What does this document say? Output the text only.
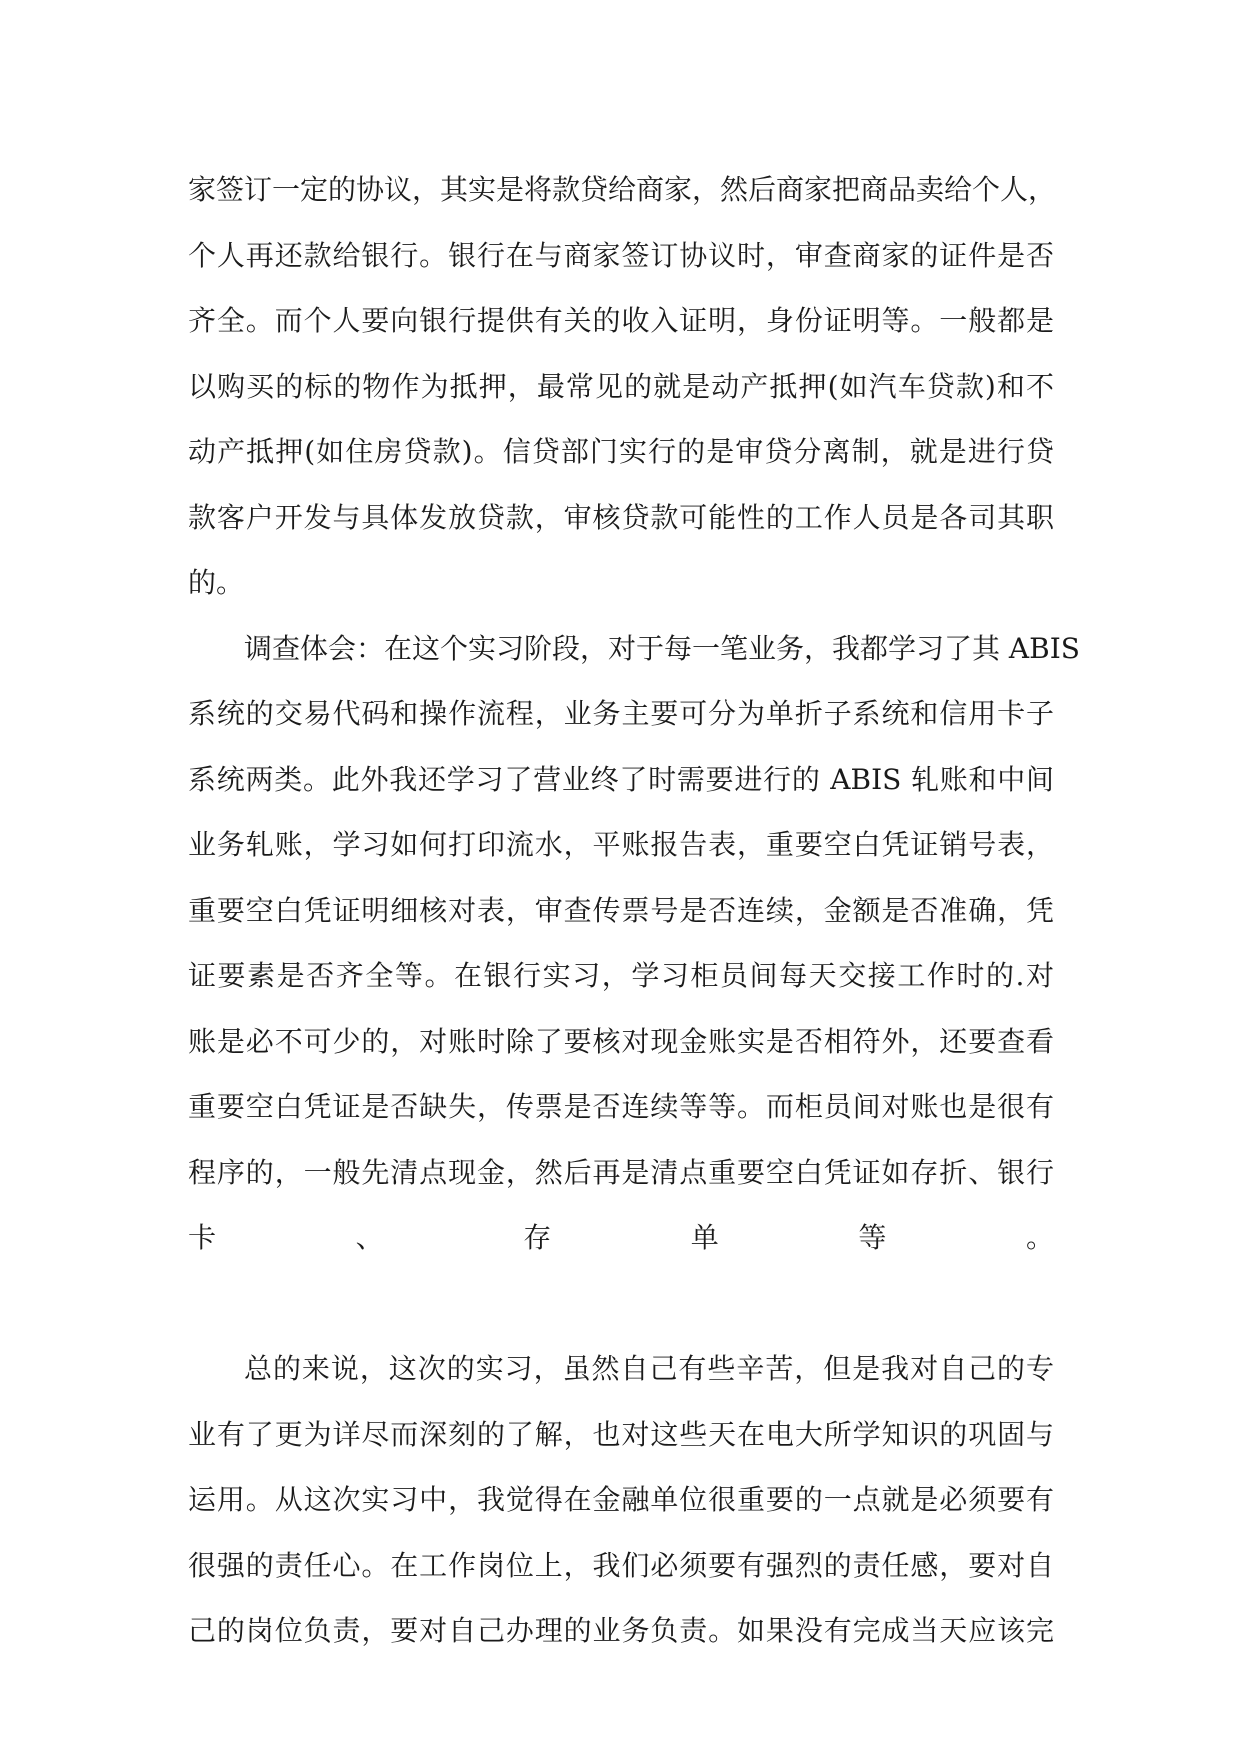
家签订一定的协议，其实是将款贷给商家，然后商家把商品卖给个人，
个人再还款给银行。银行在与商家签订协议时，审查商家的证件是否
齐全。而个人要向银行提供有关的收入证明，身份证明等。一般都是
以购买的标的物作为抵押，最常见的就是动产抵押(如汽车贷款)和不
动产抵押(如住房贷款)。信贷部门实行的是审贷分离制，就是进行贷
款客户开发与具体发放贷款，审核贷款可能性的工作人员是各司其职
的。
调查体会：在这个实习阶段，对于每一笔业务，我都学习了其 ABIS
系统的交易代码和操作流程，业务主要可分为单折子系统和信用卡子
系统两类。此外我还学习了营业终了时需要进行的 ABIS 轧账和中间
业务轧账，学习如何打印流水，平账报告表，重要空白凭证销号表，
重要空白凭证明细核对表，审查传票号是否连续，金额是否准确，凭
证要素是否齐全等。在银行实习，学习柜员间每天交接工作时的.对
账是必不可少的，对账时除了要核对现金账实是否相符外，还要查看
重要空白凭证是否缺失，传票是否连续等等。而柜员间对账也是很有
程序的，一般先清点现金，然后再是清点重要空白凭证如存折、银行
卡、存单等。
总的来说，这次的实习，虽然自己有些辛苦，但是我对自己的专
业有了更为详尽而深刻的了解，也对这些天在电大所学知识的巩固与
运用。从这次实习中，我觉得在金融单位很重要的一点就是必须要有
很强的责任心。在工作岗位上，我们必须要有强烈的责任感，要对自
己的岗位负责，要对自己办理的业务负责。如果没有完成当天应该完
